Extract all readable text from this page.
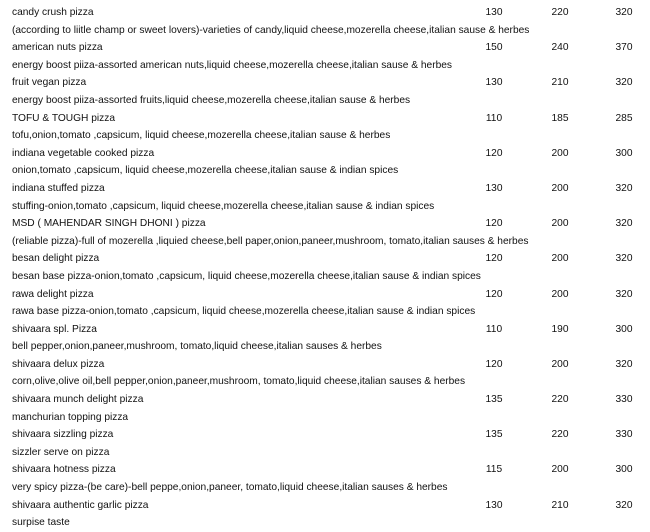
candy crush pizza	130	220	320
(according to liitle champ or sweet lovers)-varieties of candy,liquid cheese,mozerella cheese,italian sause & herbes
american nuts pizza	150	240	370
energy boost piiza-assorted american nuts,liquid cheese,mozerella cheese,italian sause & herbes
fruit vegan pizza	130	210	320
energy boost piiza-assorted fruits,liquid cheese,mozerella cheese,italian sause & herbes
TOFU & TOUGH pizza	110	185	285
tofu,onion,tomato ,capsicum, liquid cheese,mozerella cheese,italian sause & herbes
indiana vegetable cooked pizza	120	200	300
onion,tomato ,capsicum, liquid cheese,mozerella cheese,italian sause & indian spices
indiana stuffed pizza	130	200	320
stuffing-onion,tomato ,capsicum, liquid cheese,mozerella cheese,italian sause & indian spices
MSD ( MAHENDAR SINGH DHONI ) pizza	120	200	320
(reliable pizza)-full of mozerella ,liquied cheese,bell paper,onion,paneer,mushroom, tomato,italian sauses & herbes
besan delight pizza	120	200	320
besan base pizza-onion,tomato ,capsicum, liquid cheese,mozerella cheese,italian sause & indian spices
rawa delight pizza	120	200	320
rawa base pizza-onion,tomato ,capsicum, liquid cheese,mozerella cheese,italian sause & indian spices
shivaara spl. Pizza	110	190	300
bell pepper,onion,paneer,mushroom, tomato,liquid cheese,italian sauses & herbes
shivaara delux pizza	120	200	320
corn,olive,olive oil,bell pepper,onion,paneer,mushroom, tomato,liquid cheese,italian sauses & herbes
shivaara munch delight pizza	135	220	330
manchurian topping pizza
shivaara sizzling pizza	135	220	330
sizzler serve on pizza
shivaara hotness pizza	115	200	300
very spicy pizza-(be care)-bell peppe,onion,paneer, tomato,liquid cheese,italian sauses & herbes
shivaara authentic garlic pizza	130	210	320
surpise taste
